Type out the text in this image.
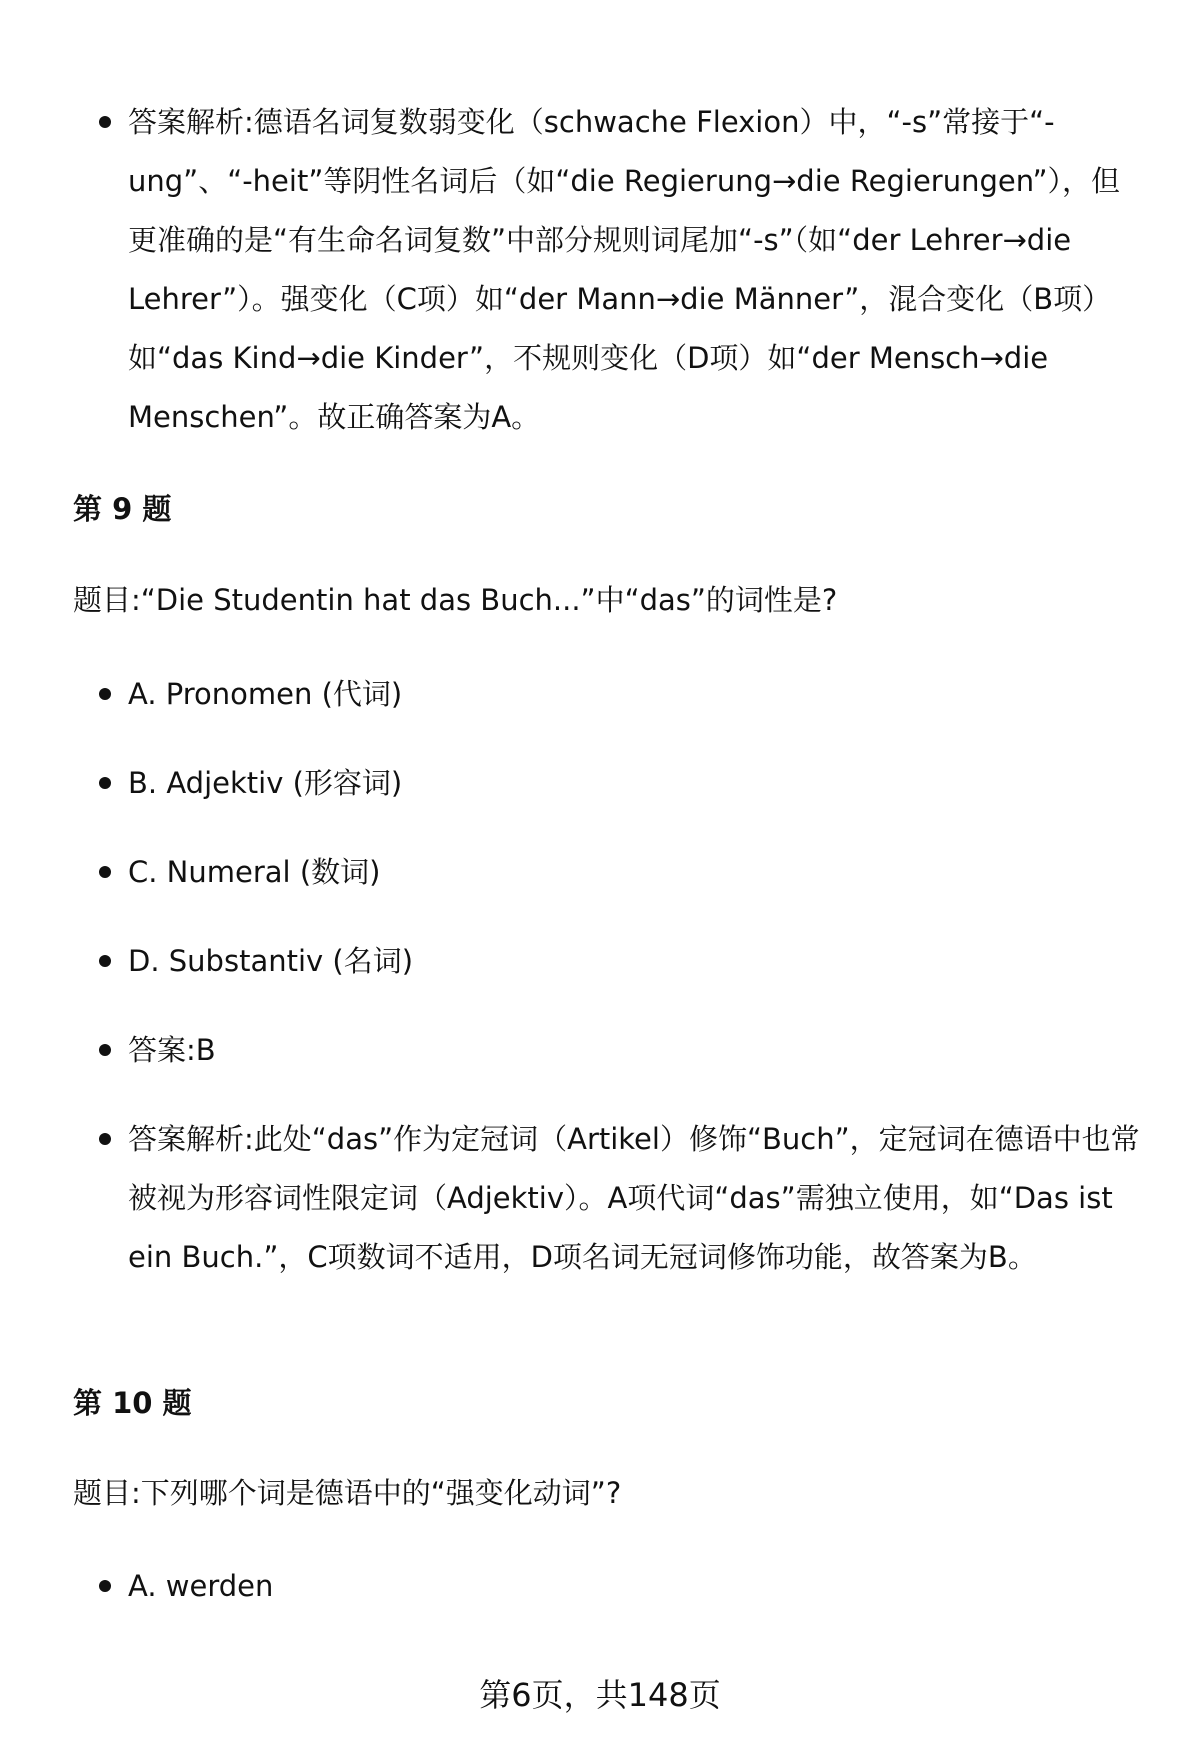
答案解析:德语名词复数弱变化（schwache Flexion）中，“-s”常接于“-ung”、“-heit”等阴性名词后（如“die Regierung→die Regierungen”），但更准确的是“有生命名词复数”中部分规则词尾加“-s”（如“der Lehrer→die Lehrer”）。强变化（C项）如“der Mann→die Männer”，混合变化（B项）如“das Kind→die Kinder”，不规则变化（D项）如“der Mensch→die Menschen”。故正确答案为A。
第 9 题
题目:“Die Studentin hat das Buch...”中“das”的词性是?
A. Pronomen (代词)
B. Adjektiv (形容词)
C. Numeral (数词)
D. Substantiv (名词)
答案:B
答案解析:此处“das”作为定冠词（Artikel）修饰“Buch”，定冠词在德语中也常被视为形容词性限定词（Adjektiv）。A项代词“das”需独立使用，如“Das ist ein Buch.”，C项数词不适用，D项名词无冠词修饰功能，故答案为B。
第 10 题
题目:下列哪个词是德语中的“强变化动词”?
A. werden
第6页，共148页
